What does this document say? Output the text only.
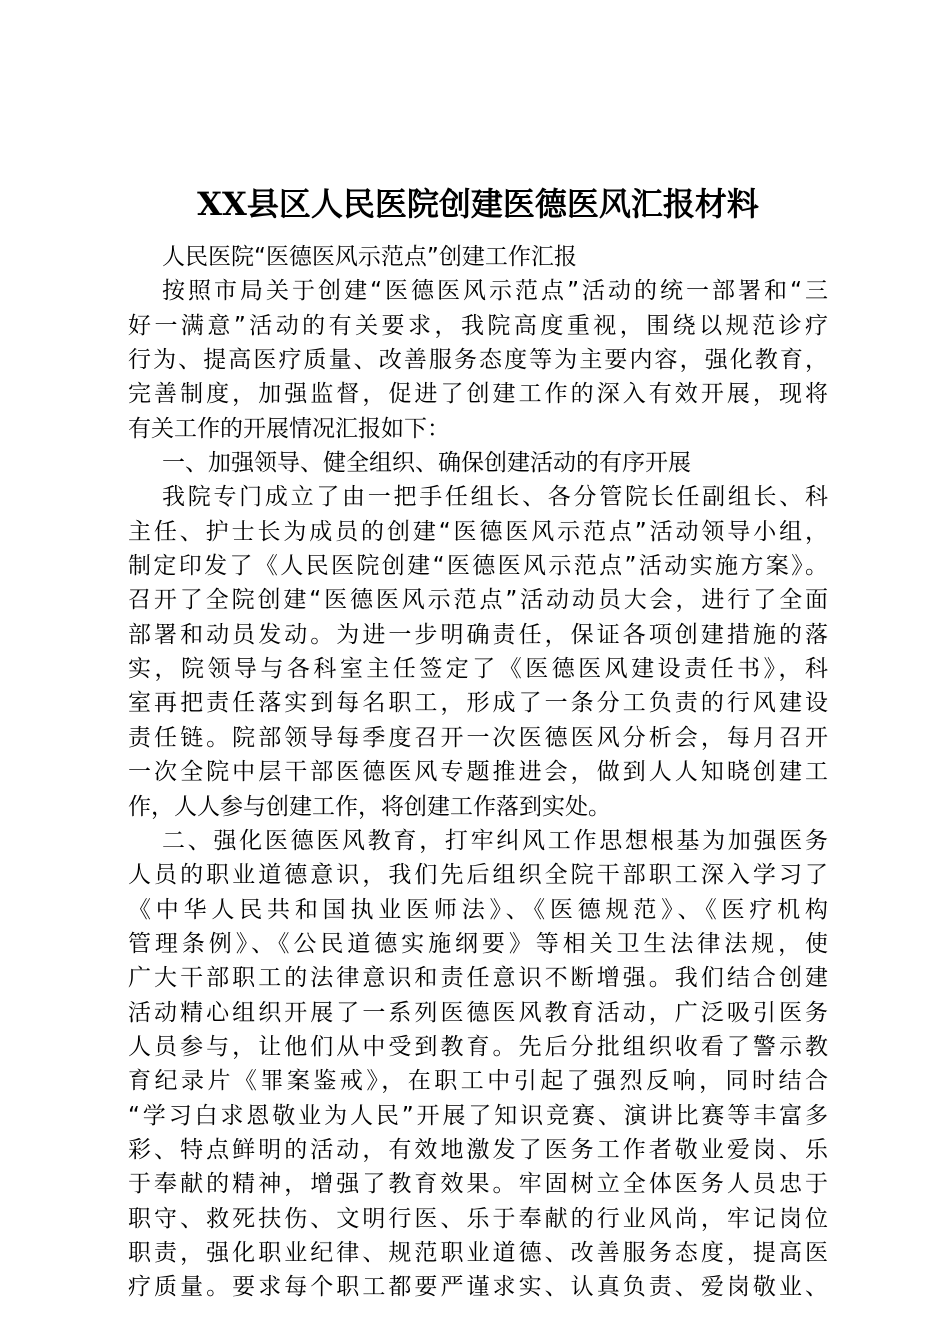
XX县区人民医院创建医德医风汇报材料
人民医院“医德医风示范点”创建工作汇报
按照市局关于创建“医德医风示范点”活动的统一部署和“三
好一满意”活动的有关要求，我院高度重视，围绕以规范诊疗
行为、提高医疗质量、改善服务态度等为主要内容，强化教育，
完善制度，加强监督，促进了创建工作的深入有效开展，现将
有关工作的开展情况汇报如下：
一、加强领导、健全组织、确保创建活动的有序开展
我院专门成立了由一把手任组长、各分管院长任副组长、科
主任、护士长为成员的创建“医德医风示范点”活动领导小组，
制定印发了《人民医院创建“医德医风示范点”活动实施方案》。
召开了全院创建“医德医风示范点”活动动员大会，进行了全面
部署和动员发动。为进一步明确责任，保证各项创建措施的落
实，院领导与各科室主任签定了《医德医风建设责任书》，科
室再把责任落实到每名职工，形成了一条分工负责的行风建设
责任链。院部领导每季度召开一次医德医风分析会，每月召开
一次全院中层干部医德医风专题推进会，做到人人知晓创建工
作，人人参与创建工作，将创建工作落到实处。
二、强化医德医风教育，打牢纠风工作思想根基为加强医务
人员的职业道德意识，我们先后组织全院干部职工深入学习了
《中华人民共和国执业医师法》、《医德规范》、《医疗机构
管理条例》、《公民道德实施纲要》等相关卫生法律法规，使
广大干部职工的法律意识和责任意识不断增强。我们结合创建
活动精心组织开展了一系列医德医风教育活动，广泛吸引医务
人员参与，让他们从中受到教育。先后分批组织收看了警示教
育纪录片《罪案鉴戒》，在职工中引起了强烈反响，同时结合
“学习白求恩敬业为人民”开展了知识竞赛、演讲比赛等丰富多
彩、特点鲜明的活动，有效地激发了医务工作者敬业爱岗、乐
于奉献的精神，增强了教育效果。牢固树立全体医务人员忠于
职守、救死扶伤、文明行医、乐于奉献的行业风尚，牢记岗位
职责，强化职业纪律、规范职业道德、改善服务态度，提高医
疗质量。要求每个职工都要严谨求实、认真负责、爱岗敬业、
